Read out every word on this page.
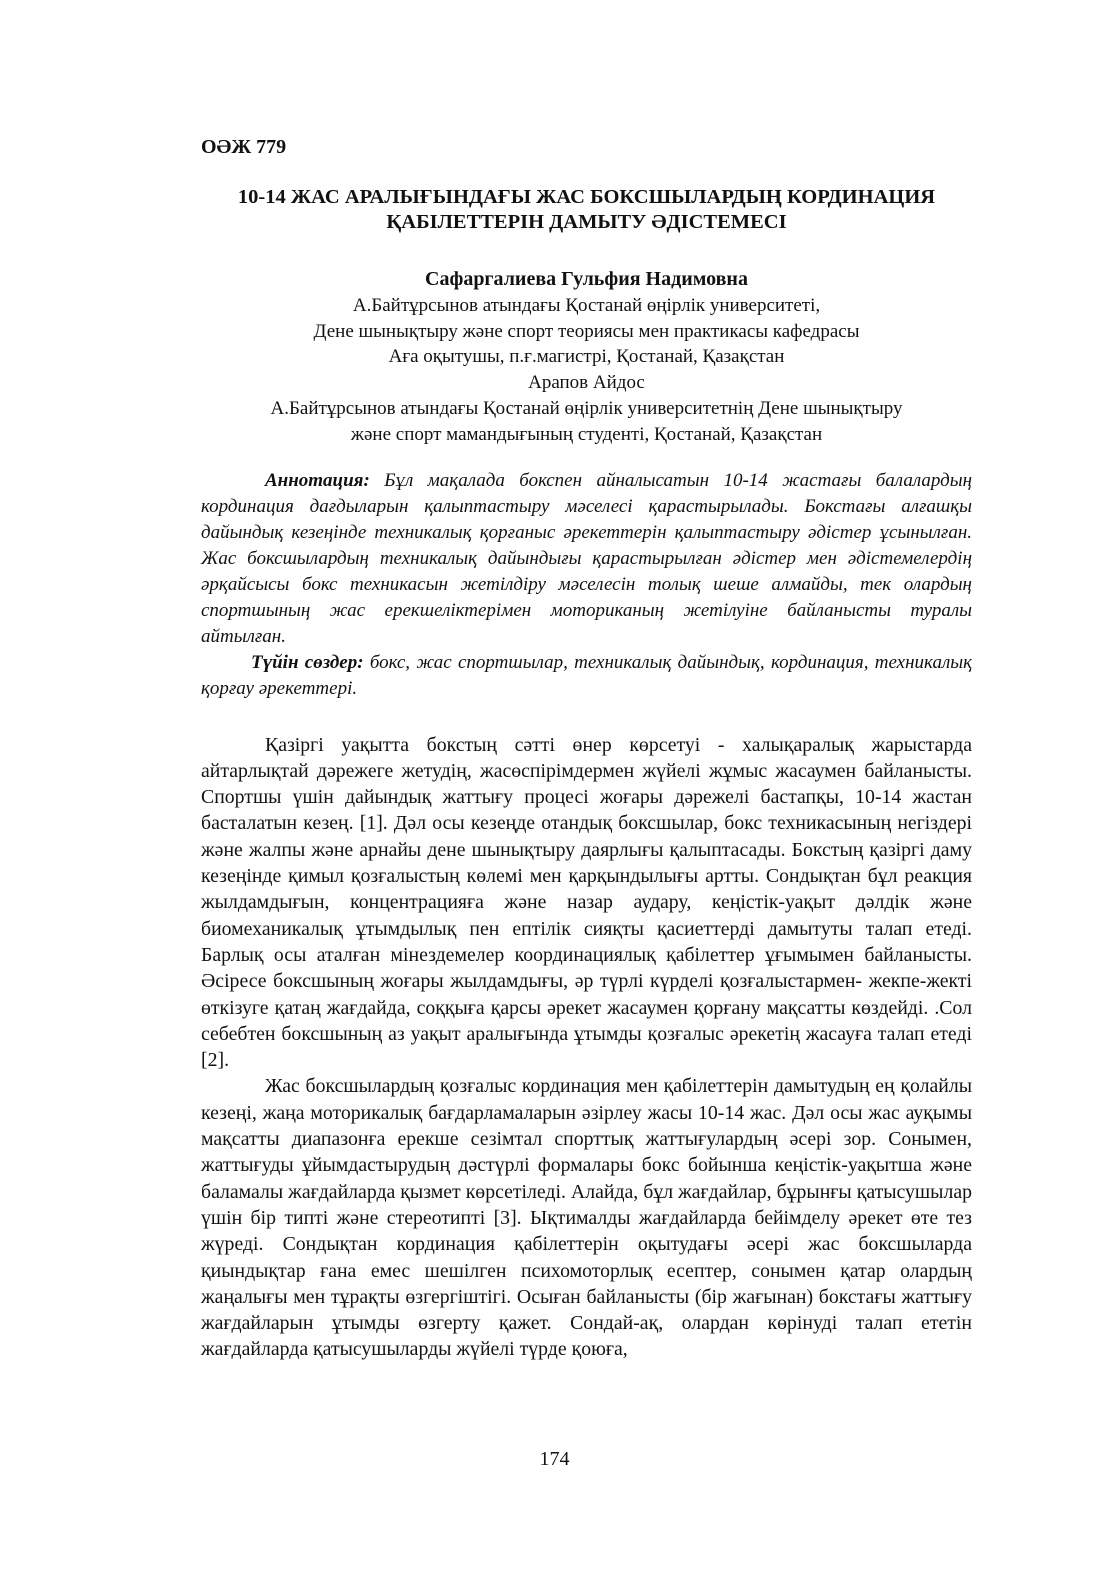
ОӘЖ 779

10-14 ЖАС АРАЛЫҒЫНДАҒЫ ЖАС БОКСШЫЛАРДЫҢ КОРДИНАЦИЯ
ҚАБІЛЕТТЕРІН ДАМЫТУ ӘДІСТЕМЕСІ
Сафаргалиева Гульфия Надимовна
А.Байтұрсынов атындағы Қостанай өңірлік университеті,
Дене шынықтыру және спорт теориясы мен практикасы кафедрасы
Аға оқытушы, п.ғ.магистрі, Қостанай, Қазақстан
Арапов Айдос
А.Байтұрсынов атындағы Қостанай өңірлік университетнің Дене шынықтыру
және спорт мамандығының студенті, Қостанай, Қазақстан

Аннотация: Бұл мақалада бокспен айналысатын 10-14 жастағы балалардың кординация дағдыларын қалыптастыру мәселесі қарастырылады. Бокстағы алғашқы дайындық кезеңінде техникалық қорғаныс әрекеттерін қалыптастыру әдістер ұсынылған. Жас боксшылардың техникалық дайындығы қарастырылған әдістер мен әдістемелердің әрқайсысы бокс техникасын жетілдіру мәселесін толық шеше алмайды, тек олардың спортшының жас ерекшеліктерімен моториканың жетілуіне байланысты туралы айтылған.

Түйін сөздер: бокс, жас спортшылар, техникалық дайындық, кординация, техникалық қорғау әрекеттері.

Қазіргі уақытта бокстың сәтті өнер көрсетуі - халықаралық жарыстарда айтарлықтай дәрежеге жетудің, жасөспірімдермен жүйелі жұмыс жасаумен байланысты. Спортшы үшін дайындық жаттығу процесі жоғары дәрежелі бастапқы, 10-14 жастан басталатын кезең. [1]. Дәл осы кезеңде отандық боксшылар, бокс техникасының негіздері және жалпы және арнайы дене шынықтыру даярлығы қалыптасады. Бокстың қазіргі даму кезеңінде қимыл қозғалыстың көлемі мен қарқындылығы артты. Сондықтан бұл реакция жылдамдығын, концентрацияға және назар аудару, кеңістік-уақыт дәлдік және биомеханикалық ұтымдылық пен ептілік сияқты қасиеттерді дамытуты талап етеді. Барлық осы аталған мінездемелер координациялық қабілеттер ұғымымен байланысты. Әсіресе боксшының жоғары жылдамдығы, әр түрлі күрделі қозғалыстармен- жекпе-жекті өткізуге қатаң жағдайда, соққыға қарсы әрекет жасаумен қорғану мақсатты көздейді. .Сол себебтен боксшының аз уақыт аралығында ұтымды қозғалыс әрекетің жасауға талап етеді [2].

Жас боксшылардың қозғалыс кординация мен қабілеттерін дамытудың ең қолайлы кезеңі, жаңа моторикалық бағдарламаларын әзірлеу жасы 10-14 жас. Дәл осы жас ауқымы мақсатты диапазонға ерекше сезімтал спорттық жаттығулардың әсері зор. Сонымен, жаттығуды ұйымдастырудың дәстүрлі формалары бокс бойынша кеңістік-уақытша және баламалы жағдайларда қызмет көрсетіледі. Алайда, бұл жағдайлар, бұрынғы қатысушылар үшін бір типті және стереотипті [3]. Ықтималды жағдайларда бейімделу әрекет өте тез жүреді. Сондықтан кординация қабілеттерін оқытудағы әсері жас боксшыларда қиындықтар ғана емес шешілген психомоторлық есептер, сонымен қатар олардың жаңалығы мен тұрақты өзгергіштігі. Осыған байланысты (бір жағынан) бокстағы жаттығу жағдайларын ұтымды өзгерту қажет. Сондай-ақ, олардан көрінуді талап ететін жағдайларда қатысушыларды жүйелі түрде қоюға,

174
